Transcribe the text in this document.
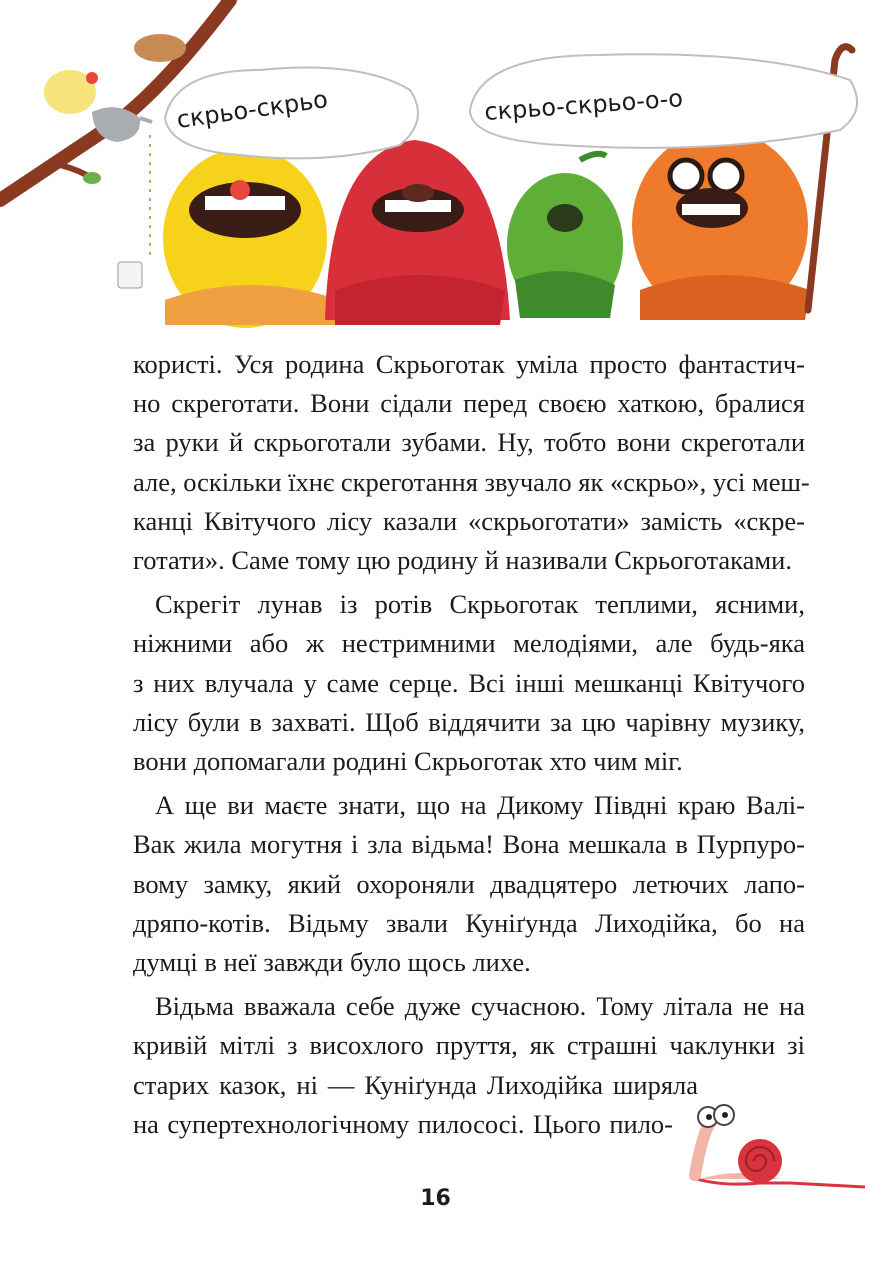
скрьо-скрьо	скрьо-скрьо-о-о
користі. Уся родина Скрьоготак уміла просто фантастич-
но скреготати. Вони сідали перед своєю хаткою, бралися
за руки й скрьоготали зубами. Ну, тобто вони скреготали
але, оскільки їхнє скреготання звучало як «скрьо», усі меш-
канці Квітучого лісу казали «скрьоготати» замість «скре-
готати». Саме тому цю родину й називали Скрьоготаками.
Скрегіт лунав із ротів Скрьоготак теплими, ясними,
ніжними або ж нестримними мелодіями, але будь-яка
з них влучала у саме серце. Всі інші мешканці Квітучого
лісу були в захваті. Щоб віддячити за цю чарівну музику,
вони допомагали родині Скрьоготак хто чим міг.
А ще ви маєте знати, що на Дикому Півдні краю Валі-
Вак жила могутня і зла відьма! Вона мешкала в Пурпуро-
вому замку, який охороняли двадцятеро летючих лапо-
дряпо-котів. Відьму звали Куніґунда Лиходійка, бо на
думці в неї завжди було щось лихе.
Відьма вважала себе дуже сучасною. Тому літала не на
кривій мітлі з висохлого пруття, як страшні чаклунки зі
старих казок, ні — Куніґунда Лиходійка ширяла
на супертехнологічному пилососі. Цього пило-
16
